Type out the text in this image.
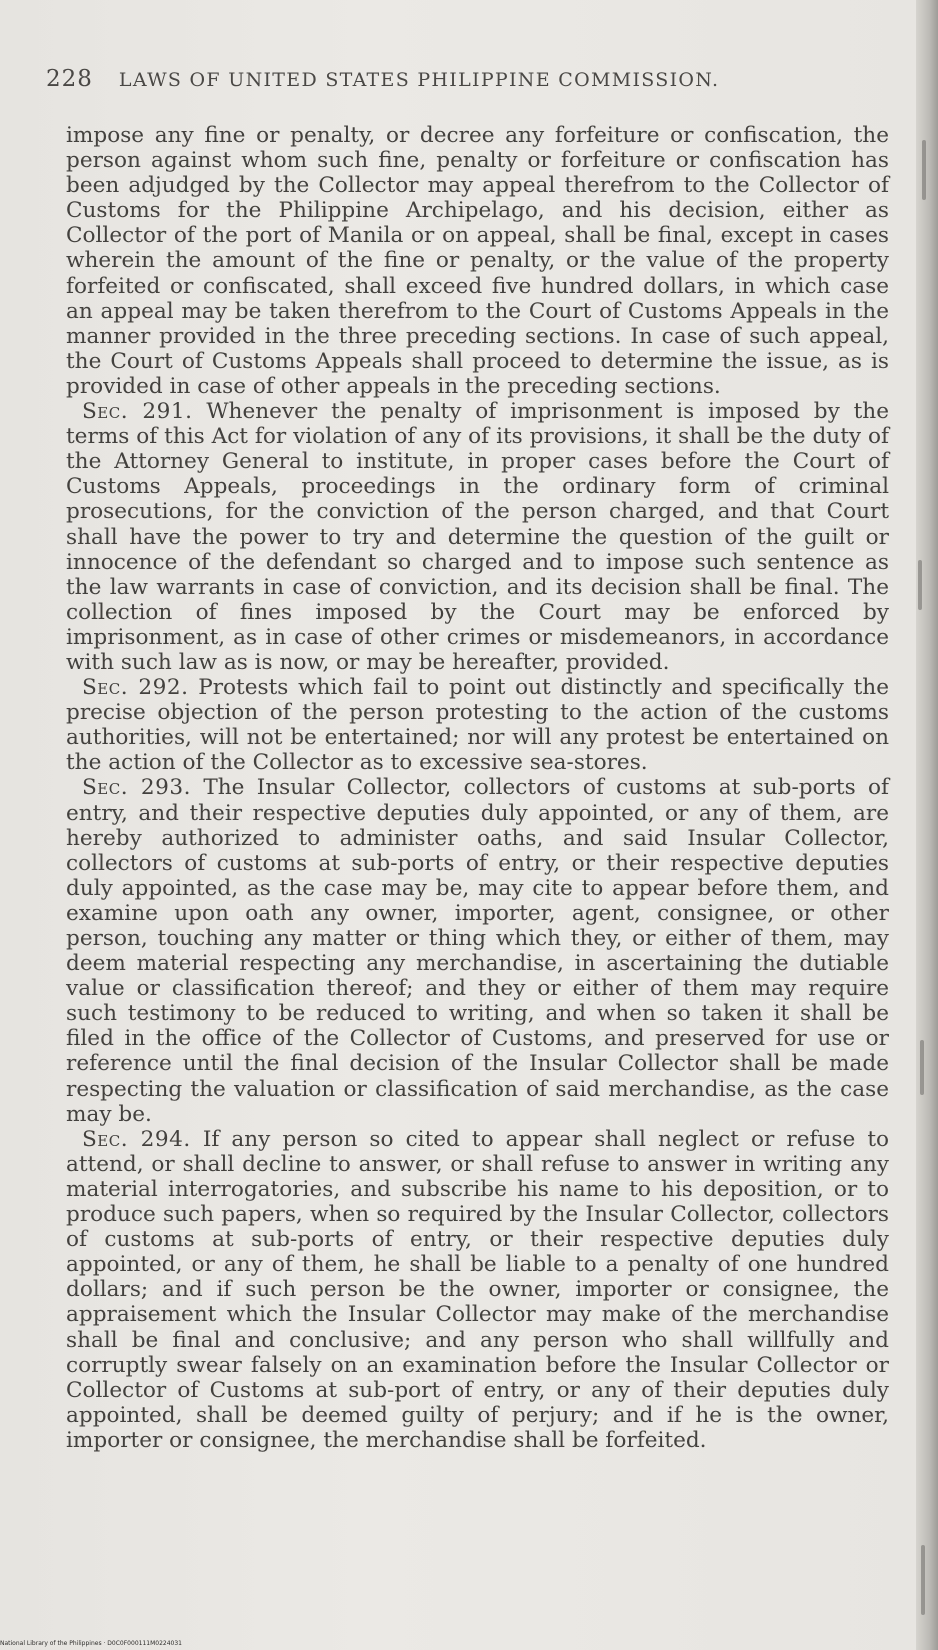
228 LAWS OF UNITED STATES PHILIPPINE COMMISSION.

impose any fine or penalty, or decree any forfeiture or confiscation, the person against whom such fine, penalty or forfeiture or confiscation has been adjudged by the Collector may appeal therefrom to the Collector of Customs for the Philippine Archipelago, and his decision, either as Collector of the port of Manila or on appeal, shall be final, except in cases wherein the amount of the fine or penalty, or the value of the property forfeited or confiscated, shall exceed five hundred dollars, in which case an appeal may be taken therefrom to the Court of Customs Appeals in the manner provided in the three preceding sections. In case of such appeal, the Court of Customs Appeals shall proceed to determine the issue, as is provided in case of other appeals in the preceding sections.

Sec. 291. Whenever the penalty of imprisonment is imposed by the terms of this Act for violation of any of its provisions, it shall be the duty of the Attorney General to institute, in proper cases before the Court of Customs Appeals, proceedings in the ordinary form of criminal prosecutions, for the conviction of the person charged, and that Court shall have the power to try and determine the question of the guilt or innocence of the defendant so charged and to impose such sentence as the law warrants in case of conviction, and its decision shall be final. The collection of fines imposed by the Court may be enforced by imprisonment, as in case of other crimes or misdemeanors, in accordance with such law as is now, or may be hereafter, provided.

Sec. 292. Protests which fail to point out distinctly and specifically the precise objection of the person protesting to the action of the customs authorities, will not be entertained; nor will any protest be entertained on the action of the Collector as to excessive sea-stores.

Sec. 293. The Insular Collector, collectors of customs at sub-ports of entry, and their respective deputies duly appointed, or any of them, are hereby authorized to administer oaths, and said Insular Collector, collectors of customs at sub-ports of entry, or their respective deputies duly appointed, as the case may be, may cite to appear before them, and examine upon oath any owner, importer, agent, consignee, or other person, touching any matter or thing which they, or either of them, may deem material respecting any merchandise, in ascertaining the dutiable value or classification thereof; and they or either of them may require such testimony to be reduced to writing, and when so taken it shall be filed in the office of the Collector of Customs, and preserved for use or reference until the final decision of the Insular Collector shall be made respecting the valuation or classification of said merchandise, as the case may be.

Sec. 294. If any person so cited to appear shall neglect or refuse to attend, or shall decline to answer, or shall refuse to answer in writing any material interrogatories, and subscribe his name to his deposition, or to produce such papers, when so required by the Insular Collector, collectors of customs at sub-ports of entry, or their respective deputies duly appointed, or any of them, he shall be liable to a penalty of one hundred dollars; and if such person be the owner, importer or consignee, the appraisement which the Insular Collector may make of the merchandise shall be final and conclusive; and any person who shall willfully and corruptly swear falsely on an examination before the Insular Collector or Collector of Customs at sub-port of entry, or any of their deputies duly appointed, shall be deemed guilty of perjury; and if he is the owner, importer or consignee, the merchandise shall be forfeited.

National Library of the Philippines · D0C0F000111M0224031
